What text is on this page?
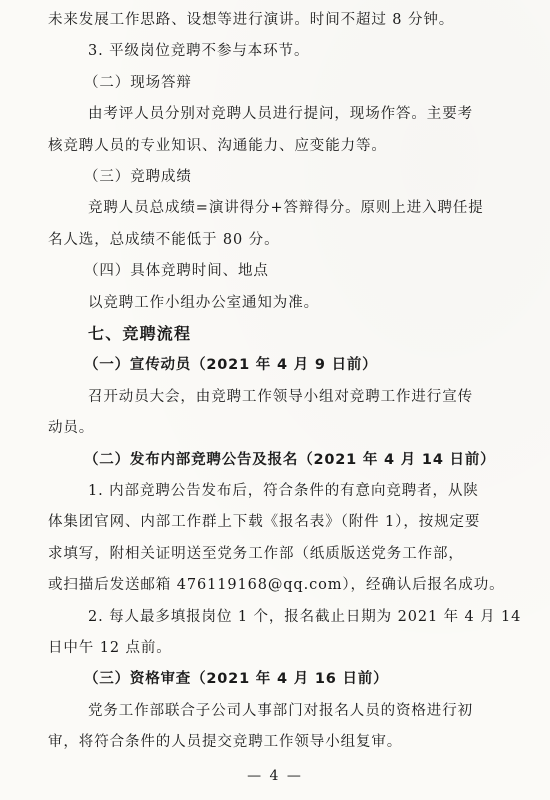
未来发展工作思路、设想等进行演讲。时间不超过 8 分钟。
3. 平级岗位竞聘不参与本环节。
（二）现场答辩
由考评人员分别对竞聘人员进行提问，现场作答。主要考
核竞聘人员的专业知识、沟通能力、应变能力等。
（三）竞聘成绩
竞聘人员总成绩=演讲得分+答辩得分。原则上进入聘任提
名人选，总成绩不能低于 80 分。
（四）具体竞聘时间、地点
以竞聘工作小组办公室通知为准。
七、竞聘流程
（一）宣传动员（2021 年 4 月 9 日前）
召开动员大会，由竞聘工作领导小组对竞聘工作进行宣传
动员。
（二）发布内部竞聘公告及报名（2021 年 4 月 14 日前）
1. 内部竞聘公告发布后，符合条件的有意向竞聘者，从陕
体集团官网、内部工作群上下载《报名表》（附件 1），按规定要
求填写，附相关证明送至党务工作部（纸质版送党务工作部，
或扫描后发送邮箱 476119168@qq.com），经确认后报名成功。
2. 每人最多填报岗位 1 个，报名截止日期为 2021 年 4 月 14
日中午 12 点前。
（三）资格审查（2021 年 4 月 16 日前）
党务工作部联合子公司人事部门对报名人员的资格进行初
审，将符合条件的人员提交竞聘工作领导小组复审。
— 4 —
